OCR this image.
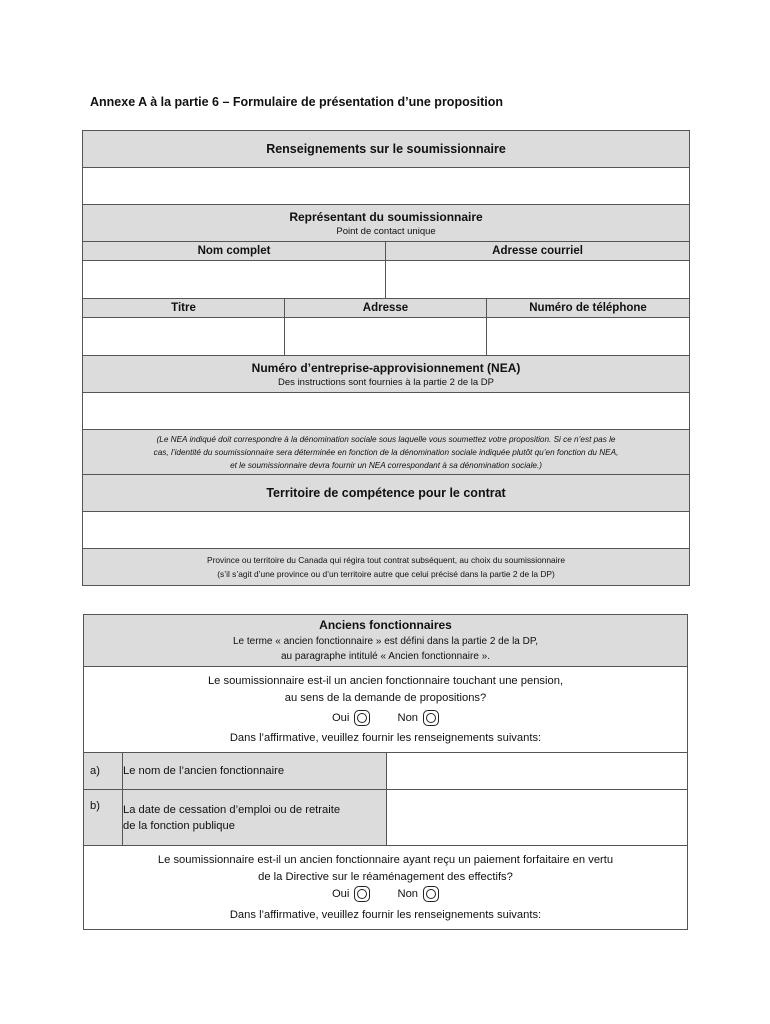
Annexe A à la partie 6 – Formulaire de présentation d’une proposition
Renseignements sur le soumissionnaire			

Représentant du soumissionnaire
Point de contact unique			

Nom complet		Adresse courriel	

Titre	Adresse		Numéro de téléphone

Numéro d’entreprise-approvisionnement (NEA)
Des instructions sont fournies à la partie 2 de la DP			

(Le NEA indiqué doit correspondre à la dénomination sociale sous laquelle vous soumettez votre proposition. Si ce n’est pas le
cas, l’identité du soumissionnaire sera déterminée en fonction de la dénomination sociale indiquée plutôt qu’en fonction du NEA,
et le soumissionnaire devra fournir un NEA correspondant à sa dénomination sociale.)			

Territoire de compétence pour le contrat			

Province ou territoire du Canada qui régira tout contrat subséquent, au choix du soumissionnaire
(s’il s’agit d’une province ou d’un territoire autre que celui précisé dans la partie 2 de la DP)			
Anciens fonctionnaires
Le terme « ancien fonctionnaire » est défini dans la partie 2 de la DP,
au paragraphe intitulé « Ancien fonctionnaire ».		

Le soumissionnaire est-il un ancien fonctionnaire touchant une pension,
au sens de la demande de propositions?
Oui Non
Dans l’affirmative, veuillez fournir les renseignements suivants:		

a)	Le nom de l’ancien fonctionnaire	
b)	La date de cessation d’emploi ou de retraite
de la fonction publique	

Le soumissionnaire est-il un ancien fonctionnaire ayant reçu un paiement forfaitaire en vertu
de la Directive sur le réaménagement des effectifs?
Oui Non
Dans l’affirmative, veuillez fournir les renseignements suivants:		
